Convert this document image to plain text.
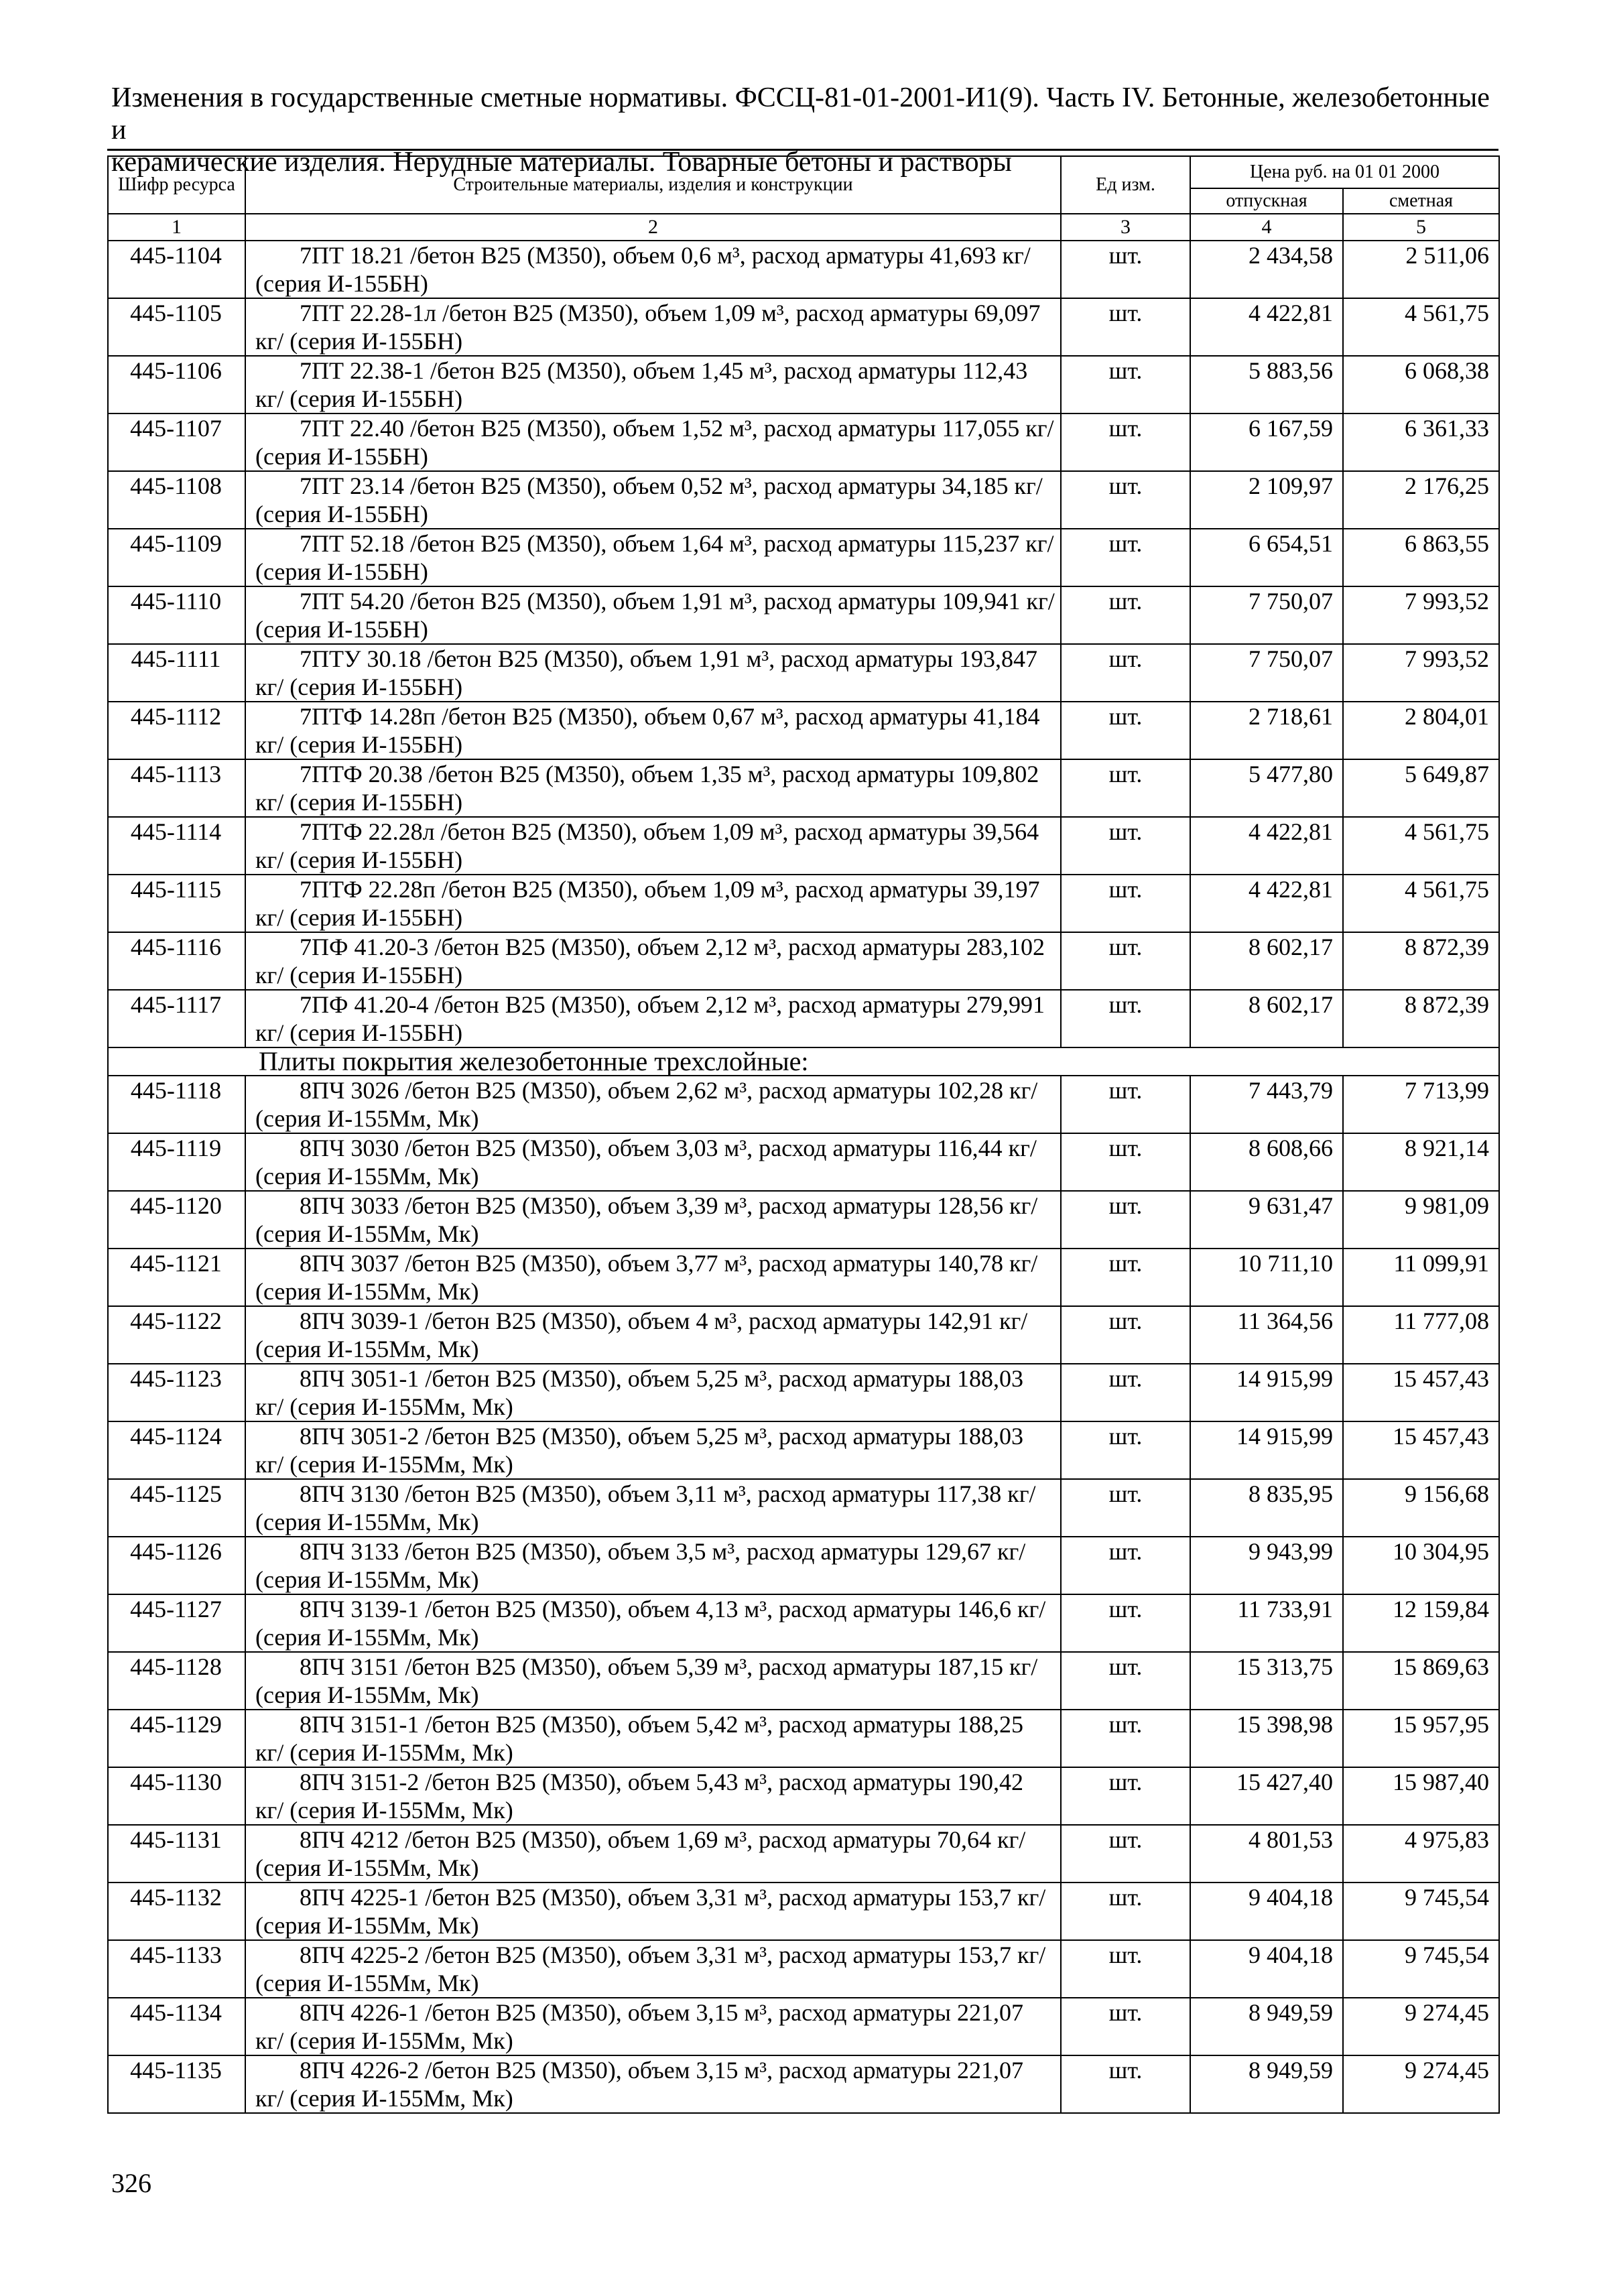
Изменения в государственные сметные нормативы. ФССЦ-81-01-2001-И1(9). Часть IV. Бетонные, железобетонные и
керамические изделия. Нерудные материалы. Товарные бетоны и растворы
Шифр ресурса	Строительные материалы, изделия и конструкции	Ед изм.	Цена руб. на 01 01 2000	
			отпускная	сметная
1	2	3	4	5
445-1104	7ПТ 18.21 /бетон В25 (М350), объем 0,6 м³, расход арматуры 41,693 кг/ (серия И-155БН)	шт.	2 434,58	2 511,06
445-1105	7ПТ 22.28-1л /бетон В25 (М350), объем 1,09 м³, расход арматуры 69,097 кг/ (серия И-155БН)	шт.	4 422,81	4 561,75
445-1106	7ПТ 22.38-1 /бетон В25 (М350), объем 1,45 м³, расход арматуры 112,43 кг/ (серия И-155БН)	шт.	5 883,56	6 068,38
445-1107	7ПТ 22.40 /бетон В25 (М350), объем 1,52 м³, расход арматуры 117,055 кг/ (серия И-155БН)	шт.	6 167,59	6 361,33
445-1108	7ПТ 23.14 /бетон В25 (М350), объем 0,52 м³, расход арматуры 34,185 кг/ (серия И-155БН)	шт.	2 109,97	2 176,25
445-1109	7ПТ 52.18 /бетон В25 (М350), объем 1,64 м³, расход арматуры 115,237 кг/ (серия И-155БН)	шт.	6 654,51	6 863,55
445-1110	7ПТ 54.20 /бетон В25 (М350), объем 1,91 м³, расход арматуры 109,941 кг/ (серия И-155БН)	шт.	7 750,07	7 993,52
445-1111	7ПТУ 30.18 /бетон В25 (М350), объем 1,91 м³, расход арматуры 193,847 кг/ (серия И-155БН)	шт.	7 750,07	7 993,52
445-1112	7ПТФ 14.28п /бетон В25 (М350), объем 0,67 м³, расход арматуры 41,184 кг/ (серия И-155БН)	шт.	2 718,61	2 804,01
445-1113	7ПТФ 20.38 /бетон В25 (М350), объем 1,35 м³, расход арматуры 109,802 кг/ (серия И-155БН)	шт.	5 477,80	5 649,87
445-1114	7ПТФ 22.28л /бетон В25 (М350), объем 1,09 м³, расход арматуры 39,564 кг/ (серия И-155БН)	шт.	4 422,81	4 561,75
445-1115	7ПТФ 22.28п /бетон В25 (М350), объем 1,09 м³, расход арматуры 39,197 кг/ (серия И-155БН)	шт.	4 422,81	4 561,75
445-1116	7ПФ 41.20-3 /бетон В25 (М350), объем 2,12 м³, расход арматуры 283,102 кг/ (серия И-155БН)	шт.	8 602,17	8 872,39
445-1117	7ПФ 41.20-4 /бетон В25 (М350), объем 2,12 м³, расход арматуры 279,991 кг/ (серия И-155БН)	шт.	8 602,17	8 872,39
Плиты покрытия железобетонные трехслойные:				
445-1118	8ПЧ 3026 /бетон В25 (М350), объем 2,62 м³, расход арматуры 102,28 кг/ (серия И-155Мм, Мк)	шт.	7 443,79	7 713,99
445-1119	8ПЧ 3030 /бетон В25 (М350), объем 3,03 м³, расход арматуры 116,44 кг/ (серия И-155Мм, Мк)	шт.	8 608,66	8 921,14
445-1120	8ПЧ 3033 /бетон В25 (М350), объем 3,39 м³, расход арматуры 128,56 кг/ (серия И-155Мм, Мк)	шт.	9 631,47	9 981,09
445-1121	8ПЧ 3037 /бетон В25 (М350), объем 3,77 м³, расход арматуры 140,78 кг/ (серия И-155Мм, Мк)	шт.	10 711,10	11 099,91
445-1122	8ПЧ 3039-1 /бетон В25 (М350), объем 4 м³, расход арматуры 142,91 кг/ (серия И-155Мм, Мк)	шт.	11 364,56	11 777,08
445-1123	8ПЧ 3051-1 /бетон В25 (М350), объем 5,25 м³, расход арматуры 188,03 кг/ (серия И-155Мм, Мк)	шт.	14 915,99	15 457,43
445-1124	8ПЧ 3051-2 /бетон В25 (М350), объем 5,25 м³, расход арматуры 188,03 кг/ (серия И-155Мм, Мк)	шт.	14 915,99	15 457,43
445-1125	8ПЧ 3130 /бетон В25 (М350), объем 3,11 м³, расход арматуры 117,38 кг/ (серия И-155Мм, Мк)	шт.	8 835,95	9 156,68
445-1126	8ПЧ 3133 /бетон В25 (М350), объем 3,5 м³, расход арматуры 129,67 кг/ (серия И-155Мм, Мк)	шт.	9 943,99	10 304,95
445-1127	8ПЧ 3139-1 /бетон В25 (М350), объем 4,13 м³, расход арматуры 146,6 кг/ (серия И-155Мм, Мк)	шт.	11 733,91	12 159,84
445-1128	8ПЧ 3151 /бетон В25 (М350), объем 5,39 м³, расход арматуры 187,15 кг/ (серия И-155Мм, Мк)	шт.	15 313,75	15 869,63
445-1129	8ПЧ 3151-1 /бетон В25 (М350), объем 5,42 м³, расход арматуры 188,25 кг/ (серия И-155Мм, Мк)	шт.	15 398,98	15 957,95
445-1130	8ПЧ 3151-2 /бетон В25 (М350), объем 5,43 м³, расход арматуры 190,42 кг/ (серия И-155Мм, Мк)	шт.	15 427,40	15 987,40
445-1131	8ПЧ 4212 /бетон В25 (М350), объем 1,69 м³, расход арматуры 70,64 кг/ (серия И-155Мм, Мк)	шт.	4 801,53	4 975,83
445-1132	8ПЧ 4225-1 /бетон В25 (М350), объем 3,31 м³, расход арматуры 153,7 кг/ (серия И-155Мм, Мк)	шт.	9 404,18	9 745,54
445-1133	8ПЧ 4225-2 /бетон В25 (М350), объем 3,31 м³, расход арматуры 153,7 кг/ (серия И-155Мм, Мк)	шт.	9 404,18	9 745,54
445-1134	8ПЧ 4226-1 /бетон В25 (М350), объем 3,15 м³, расход арматуры 221,07 кг/ (серия И-155Мм, Мк)	шт.	8 949,59	9 274,45
445-1135	8ПЧ 4226-2 /бетон В25 (М350), объем 3,15 м³, расход арматуры 221,07 кг/ (серия И-155Мм, Мк)	шт.	8 949,59	9 274,45
326
